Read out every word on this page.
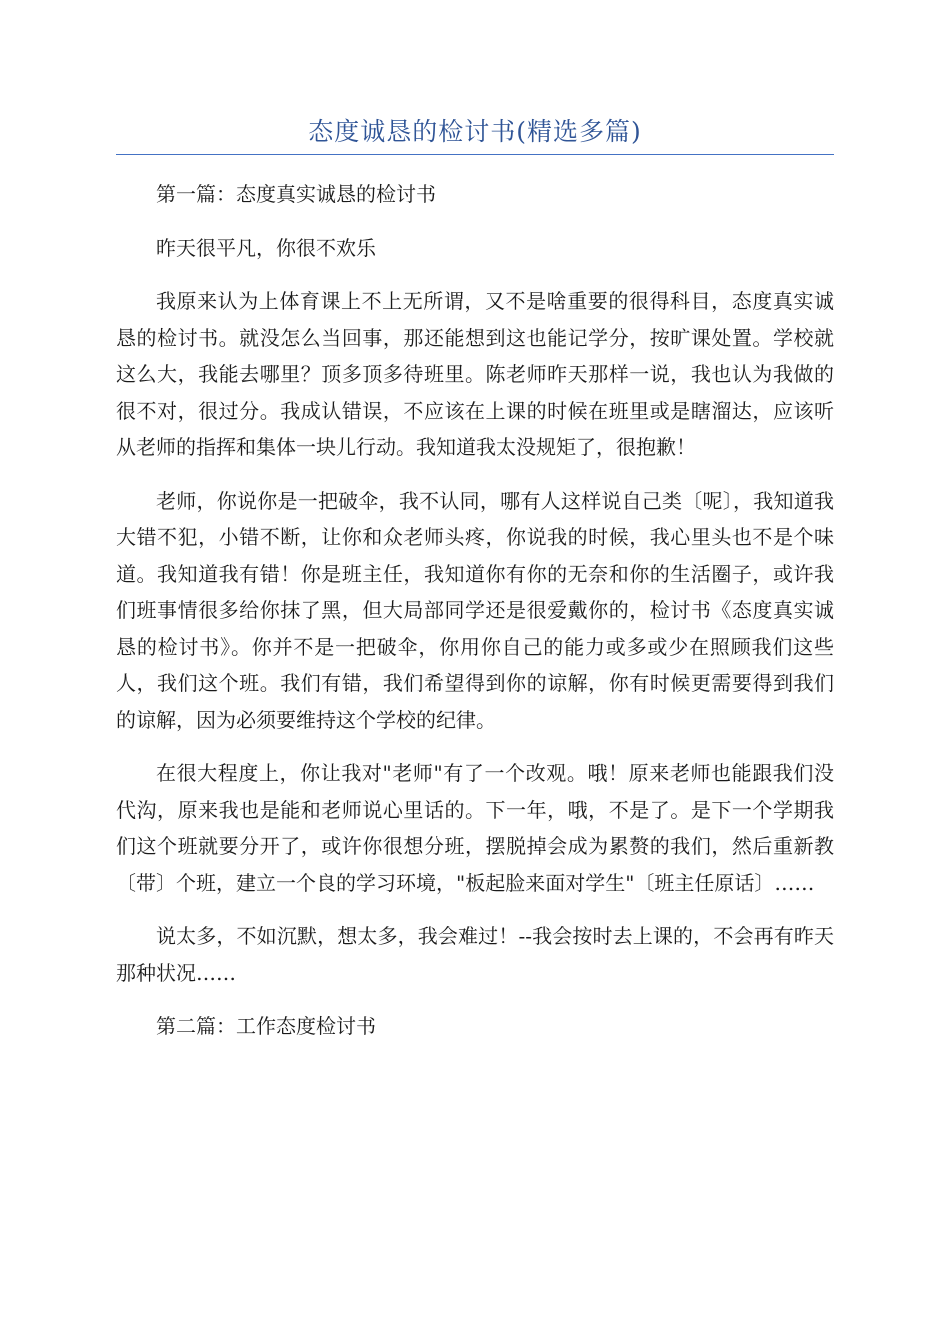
态度诚恳的检讨书(精选多篇)

第一篇：态度真实诚恳的检讨书

昨天很平凡，你很不欢乐

我原来认为上体育课上不上无所谓，又不是啥重要的很得科目，态度真实诚恳的检讨书。就没怎么当回事，那还能想到这也能记学分，按旷课处置。学校就这么大，我能去哪里？顶多顶多待班里。陈老师昨天那样一说，我也认为我做的很不对，很过分。我成认错误，不应该在上课的时候在班里或是瞎溜达，应该听从老师的指挥和集体一块儿行动。我知道我太没规矩了，很抱歉！

老师，你说你是一把破伞，我不认同，哪有人这样说自己类〔呢〕，我知道我大错不犯，小错不断，让你和众老师头疼，你说我的时候，我心里头也不是个味道。我知道我有错！你是班主任，我知道你有你的无奈和你的生活圈子，或许我们班事情很多给你抹了黑，但大局部同学还是很爱戴你的，检讨书《态度真实诚恳的检讨书》。你并不是一把破伞，你用你自己的能力或多或少在照顾我们这些人，我们这个班。我们有错，我们希望得到你的谅解，你有时候更需要得到我们的谅解，因为必须要维持这个学校的纪律。

在很大程度上，你让我对"老师"有了一个改观。哦！原来老师也能跟我们没代沟，原来我也是能和老师说心里话的。下一年，哦，不是了。是下一个学期我们这个班就要分开了，或许你很想分班，摆脱掉会成为累赘的我们，然后重新教〔带〕个班，建立一个良的学习环境，"板起脸来面对学生"〔班主任原话〕……

说太多，不如沉默，想太多，我会难过！--我会按时去上课的，不会再有昨天那种状况……

第二篇：工作态度检讨书
